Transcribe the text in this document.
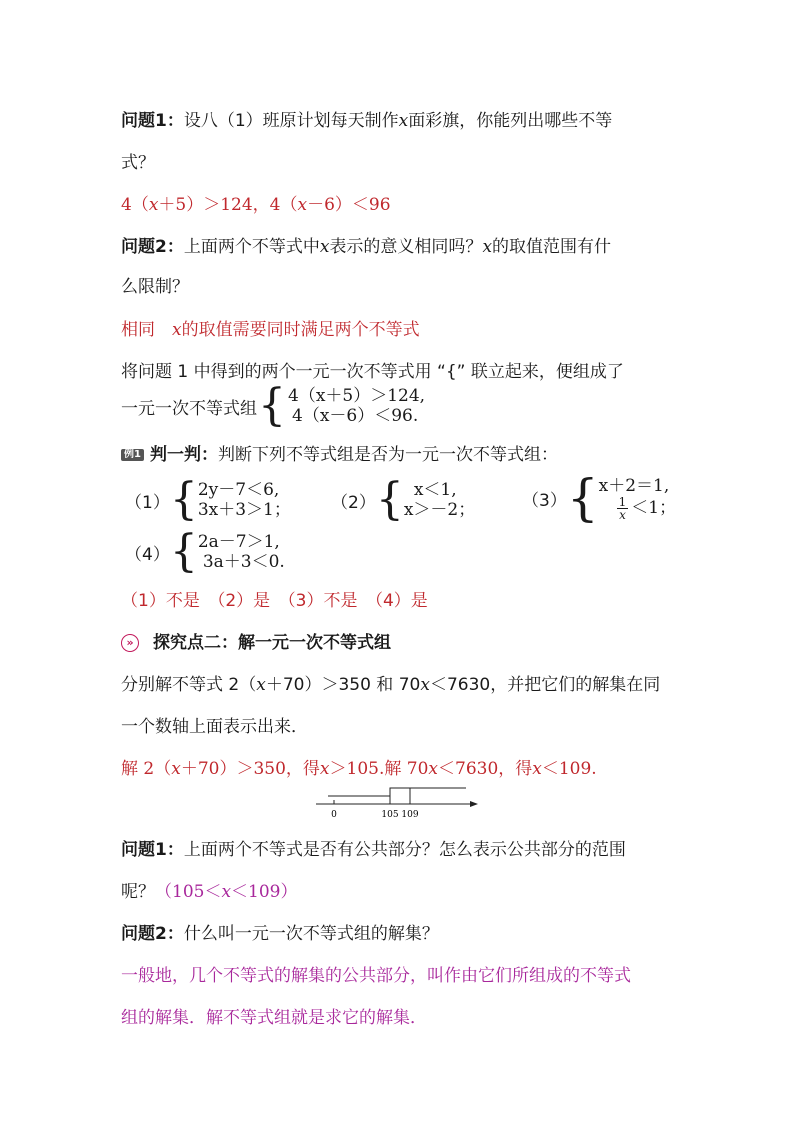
问题1：设八（1）班原计划每天制作x面彩旗，你能列出哪些不等
式？
4（x＋5）＞124，4（x－6）＜96
问题2：上面两个不等式中x表示的意义相同吗？x的取值范围有什
么限制？
相同　x的取值需要同时满足两个不等式
将问题 1 中得到的两个一元一次不等式用 “{” 联立起来，便组成了
一元一次不等式组 { 4（x＋5）＞124,
4（x－6）＜96.
例1 判一判：判断下列不等式组是否为一元一次不等式组：
（1） { 2y－7＜6,
3x＋3＞1； （2） { x＜1,
x＞－2；	（3） { x＋2＝1,
$\frac{1}{x} <1$；
（4） { 2a－7＞1,
3a＋3＜0.
（1）不是　（2）是　（3）不是　（4）是
» 探究点二：解一元一次不等式组
分别解不等式 2（x＋70）＞350 和 70x＜7630，并把它们的解集在同
一个数轴上面表示出来．
解 2（x＋70）＞350，得x＞105.解 70x＜7630，得x＜109.
0	105 109
问题1：上面两个不等式是否有公共部分？怎么表示公共部分的范围
呢？（105＜x＜109）
问题2：什么叫一元一次不等式组的解集？
一般地，几个不等式的解集的公共部分，叫作由它们所组成的不等式
组的解集．解不等式组就是求它的解集．
